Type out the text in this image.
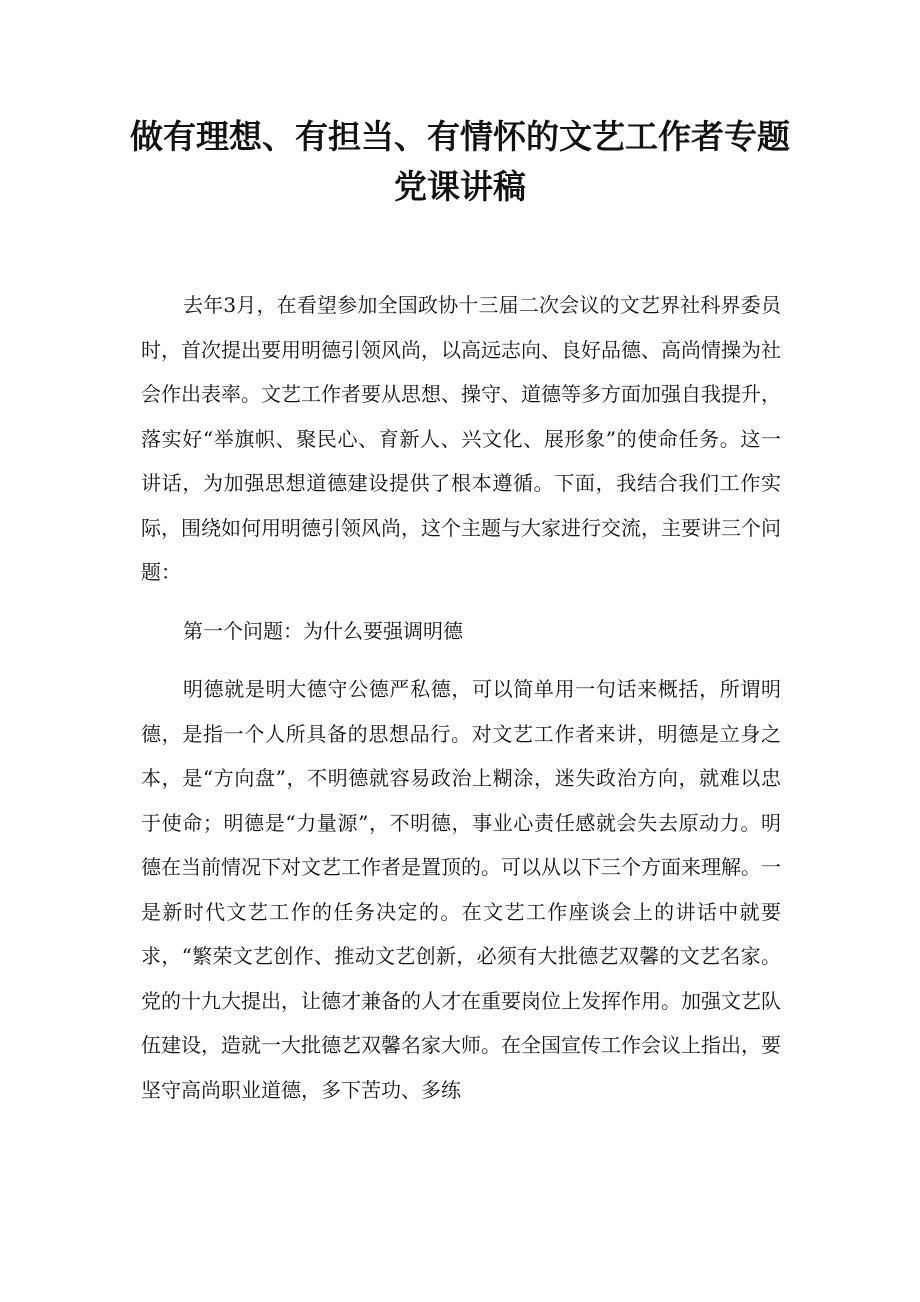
做有理想、有担当、有情怀的文艺工作者专题党课讲稿

去年3月，在看望参加全国政协十三届二次会议的文艺界社科界委员时，首次提出要用明德引领风尚，以高远志向、良好品德、高尚情操为社会作出表率。文艺工作者要从思想、操守、道德等多方面加强自我提升，落实好“举旗帜、聚民心、育新人、兴文化、展形象”的使命任务。这一讲话，为加强思想道德建设提供了根本遵循。下面，我结合我们工作实际，围绕如何用明德引领风尚，这个主题与大家进行交流，主要讲三个问题：

第一个问题：为什么要强调明德

明德就是明大德守公德严私德，可以简单用一句话来概括，所谓明德，是指一个人所具备的思想品行。对文艺工作者来讲，明德是立身之本，是“方向盘”，不明德就容易政治上糊涂，迷失政治方向，就难以忠于使命；明德是“力量源”，不明德，事业心责任感就会失去原动力。明德在当前情况下对文艺工作者是置顶的。可以从以下三个方面来理解。一是新时代文艺工作的任务决定的。在文艺工作座谈会上的讲话中就要求，“繁荣文艺创作、推动文艺创新，必须有大批德艺双馨的文艺名家。党的十九大提出，让德才兼备的人才在重要岗位上发挥作用。加强文艺队伍建设，造就一大批德艺双馨名家大师。在全国宣传工作会议上指出，要坚守高尚职业道德，多下苦功、多练
